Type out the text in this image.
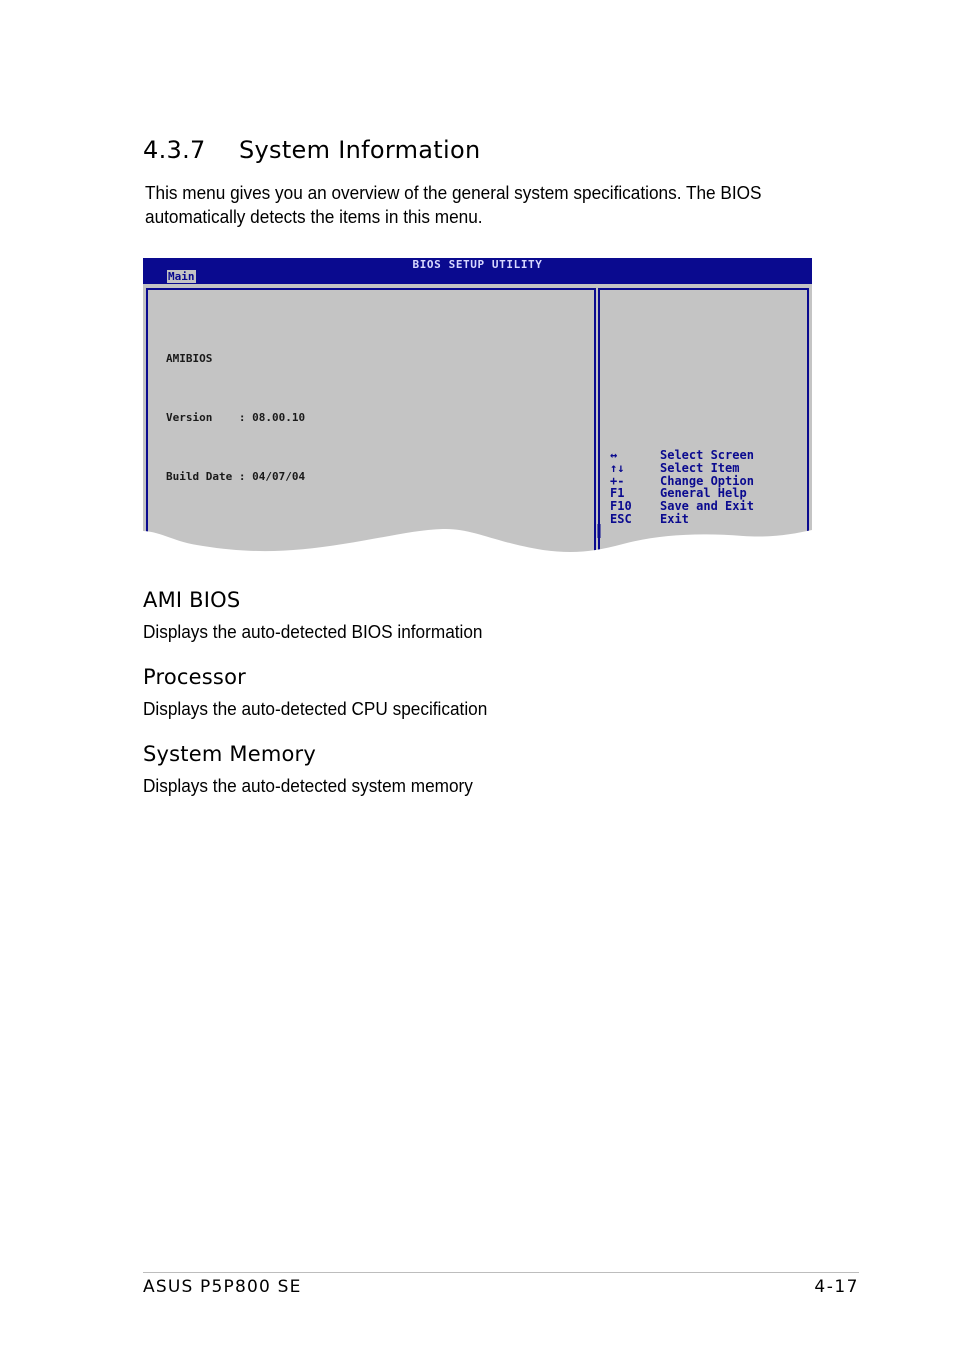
4.3.7 System Information

This menu gives you an overview of the general system specifications. The BIOS automatically detects the items in this menu.

BIOS SETUP UTILITY
Main

AMIBIOS

Version    : 08.00.10

Build Date : 04/07/04

↔	Select Screen
↑↓	Select Item
+-	Change Option
F1	General Help
F10 Save and Exit
ESC Exit
AMI BIOS

Displays the auto-detected BIOS information

Processor

Displays the auto-detected CPU specification

System Memory

Displays the auto-detected system memory

ASUS P5P800 SE	4-17
